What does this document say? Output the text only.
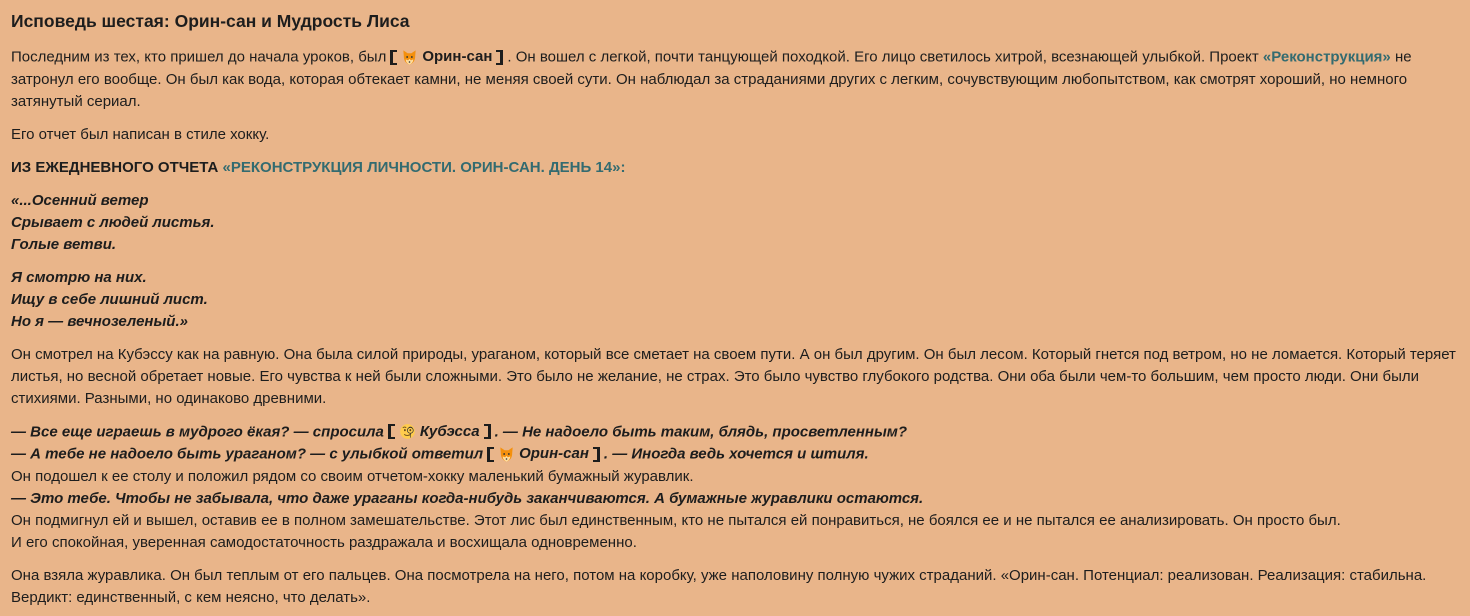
Исповедь шестая: Орин-сан и Мудрость Лиса

Последним из тех, кто пришел до начала уроков, был Орин-сан . Он вошел с легкой, почти танцующей походкой. Его лицо светилось хитрой, всезнающей улыбкой. Проект «Реконструкция» не затронул его вообще. Он был как вода, которая обтекает камни, не меняя своей сути. Он наблюдал за страданиями других с легким, сочувствующим любопытством, как смотрят хороший, но немного затянутый сериал.

Его отчет был написан в стиле хокку.

ИЗ ЕЖЕДНЕВНОГО ОТЧЕТА «РЕКОНСТРУКЦИЯ ЛИЧНОСТИ. ОРИН-САН. ДЕНЬ 14»:

«...Осенний ветер

Срывает с людей листья.

Голые ветви.

Я смотрю на них.

Ищу в себе лишний лист.

Но я — вечнозеленый.»

Он смотрел на Кубэссу как на равную. Она была силой природы, ураганом, который все сметает на своем пути. А он был другим. Он был лесом. Который гнется под ветром, но не ломается. Который теряет листья, но весной обретает новые. Его чувства к ней были сложными. Это было не желание, не страх. Это было чувство глубокого родства. Они оба были чем-то большим, чем просто люди. Они были стихиями. Разными, но одинаково древними.

— Все еще играешь в мудрого ёкая? — спросила Кубэсса . — Не надоело быть таким, блядь, просветленным?

— А тебе не надоело быть ураганом? — с улыбкой ответил Орин-сан . — Иногда ведь хочется и штиля.

Он подошел к ее столу и положил рядом со своим отчетом-хокку маленький бумажный журавлик.

— Это тебе. Чтобы не забывала, что даже ураганы когда-нибудь заканчиваются. А бумажные журавлики остаются.

Он подмигнул ей и вышел, оставив ее в полном замешательстве. Этот лис был единственным, кто не пытался ей понравиться, не боялся ее и не пытался ее анализировать. Он просто был.

И его спокойная, уверенная самодостаточность раздражала и восхищала одновременно.

Она взяла журавлика. Он был теплым от его пальцев. Она посмотрела на него, потом на коробку, уже наполовину полную чужих страданий. «Орин-сан. Потенциал: реализован. Реализация: стабильна. Вердикт: единственный, с кем неясно, что делать».
